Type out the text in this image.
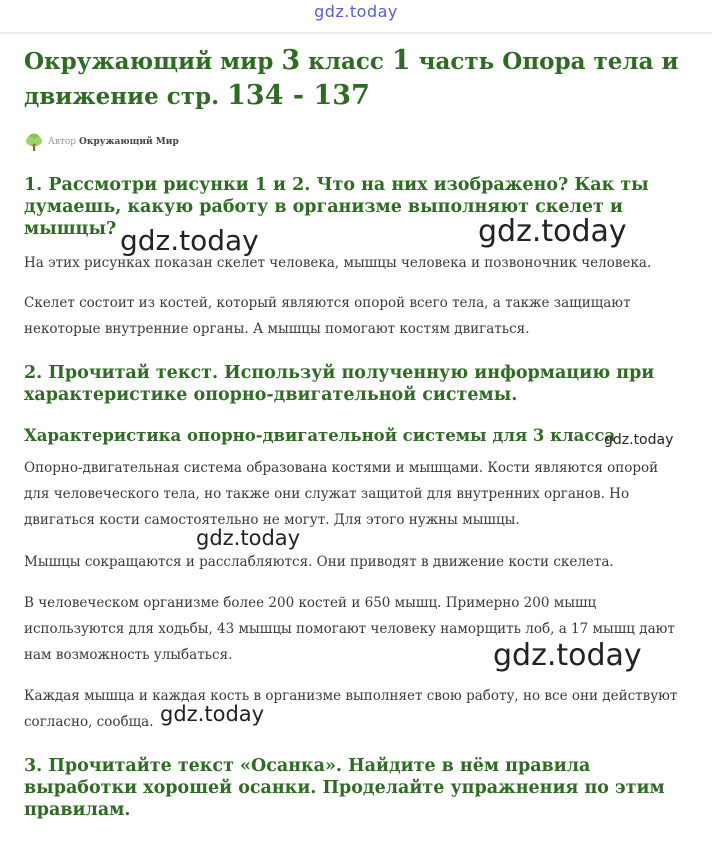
gdz.today
Окружающий мир 3 класс 1 часть Опора тела и движение стр. 134 - 137
Автор Окружающий Мир
1. Рассмотри рисунки 1 и 2. Что на них изображено? Как ты думаешь, какую работу в организме выполняют скелет и мышцы?

На этих рисунках показан скелет человека, мышцы человека и позвоночник человека.

Скелет состоит из костей, который являются опорой всего тела, а также защищают некоторые внутренние органы. А мышцы помогают костям двигаться.

2. Прочитай текст. Используй полученную информацию при характеристике опорно-двигательной системы.
Характеристика опорно-двигательной системы для 3 класса

Опорно-двигательная система образована костями и мышцами. Кости являются опорой для человеческого тела, но также они служат защитой для внутренних органов. Но двигаться кости самостоятельно не могут. Для этого нужны мышцы.

Мышцы сокращаются и расслабляются. Они приводят в движение кости скелета.

В человеческом организме более 200 костей и 650 мышц. Примерно 200 мышц используются для ходьбы, 43 мышцы помогают человеку наморщить лоб, а 17 мышц дают нам возможность улыбаться.

Каждая мышца и каждая кость в организме выполняет свою работу, но все они действуют согласно, сообща.

3. Прочитайте текст «Осанка». Найдите в нём правила выработки хорошей осанки. Проделайте упражнения по этим правилам.
gdz.today	gdz.today
gdz.today
gdz.today
gdz.today
gdz.today
